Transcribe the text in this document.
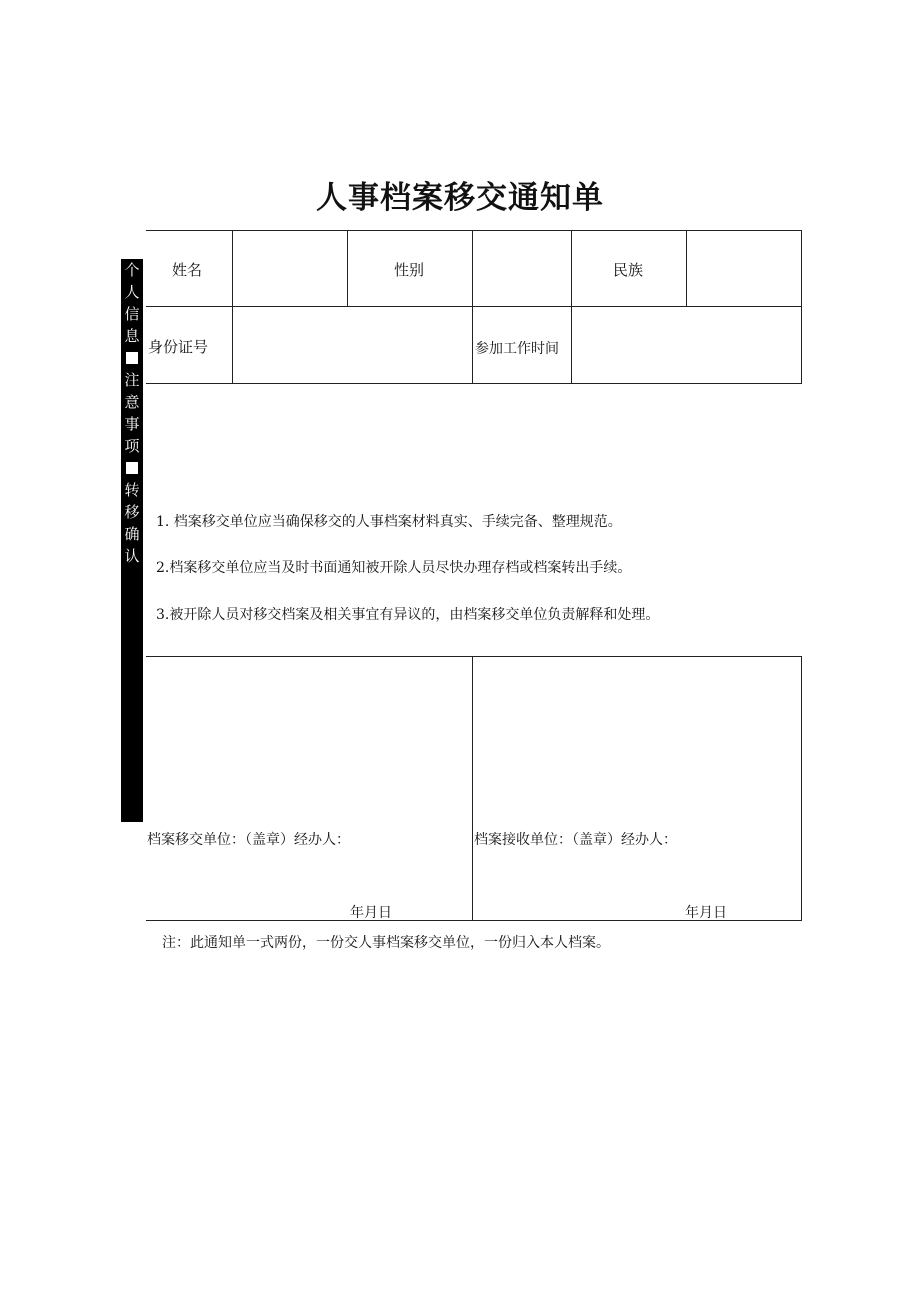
人事档案移交通知单
个
人
信
息
注
意
事
项
转
移
确
认
姓名	性别	民族
身份证号	参加工作时间
1. 档案移交单位应当确保移交的人事档案材料真实、手续完备、整理规范。
2.档案移交单位应当及时书面通知被开除人员尽快办理存档或档案转出手续。
3.被开除人员对移交档案及相关事宜有异议的，由档案移交单位负责解释和处理。
档案移交单位：（盖章）经办人：
年月日
档案接收单位：（盖章）经办人：
年月日
注：此通知单一式两份，一份交人事档案移交单位，一份归入本人档案。
